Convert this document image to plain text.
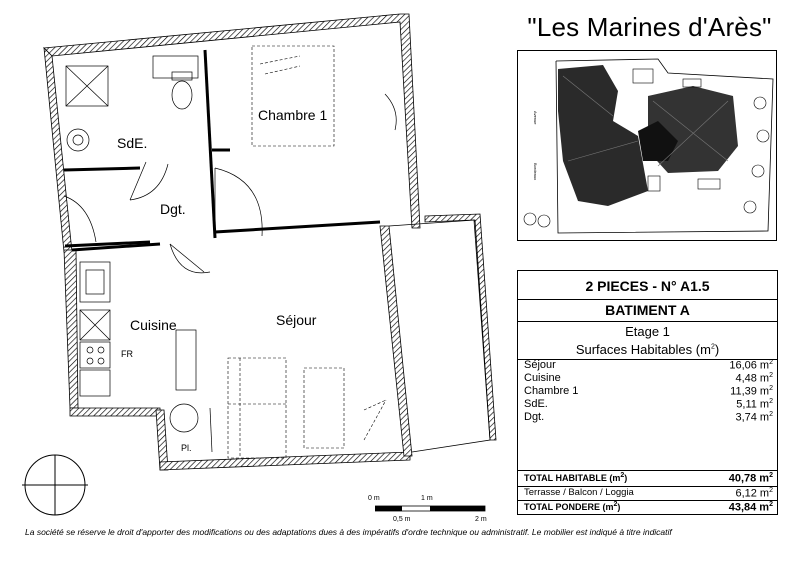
"Les Marines d'Arès"
Avenue
Bordeaux
SdE.
Chambre 1
Dgt.
Cuisine	Séjour
FR
Pl.
2 PIECES - N° A1.5
BATIMENT A
Etage 1
Surfaces Habitables $(m^2)$
Séjour	16,06 $m^2$
Cuisine	4,48 $m^2$
Chambre 1	11,39 $m^2$
SdE.	5,11 $m^2$
Dgt.	3,74 $m^2$
TOTAL HABITABLE $(m^2)$	40,78 $m^2$
Terrasse / Balcon / Loggia	6,12 $m^2$
TOTAL PONDERE $(m^2)$	43,84 $m^2$
0 m	1 m
0,5 m	2 m
La société se réserve le droit d'apporter des modifications ou des adaptations dues à des impératifs d'ordre technique ou administratif. Le mobilier est indiqué à titre indicatif
